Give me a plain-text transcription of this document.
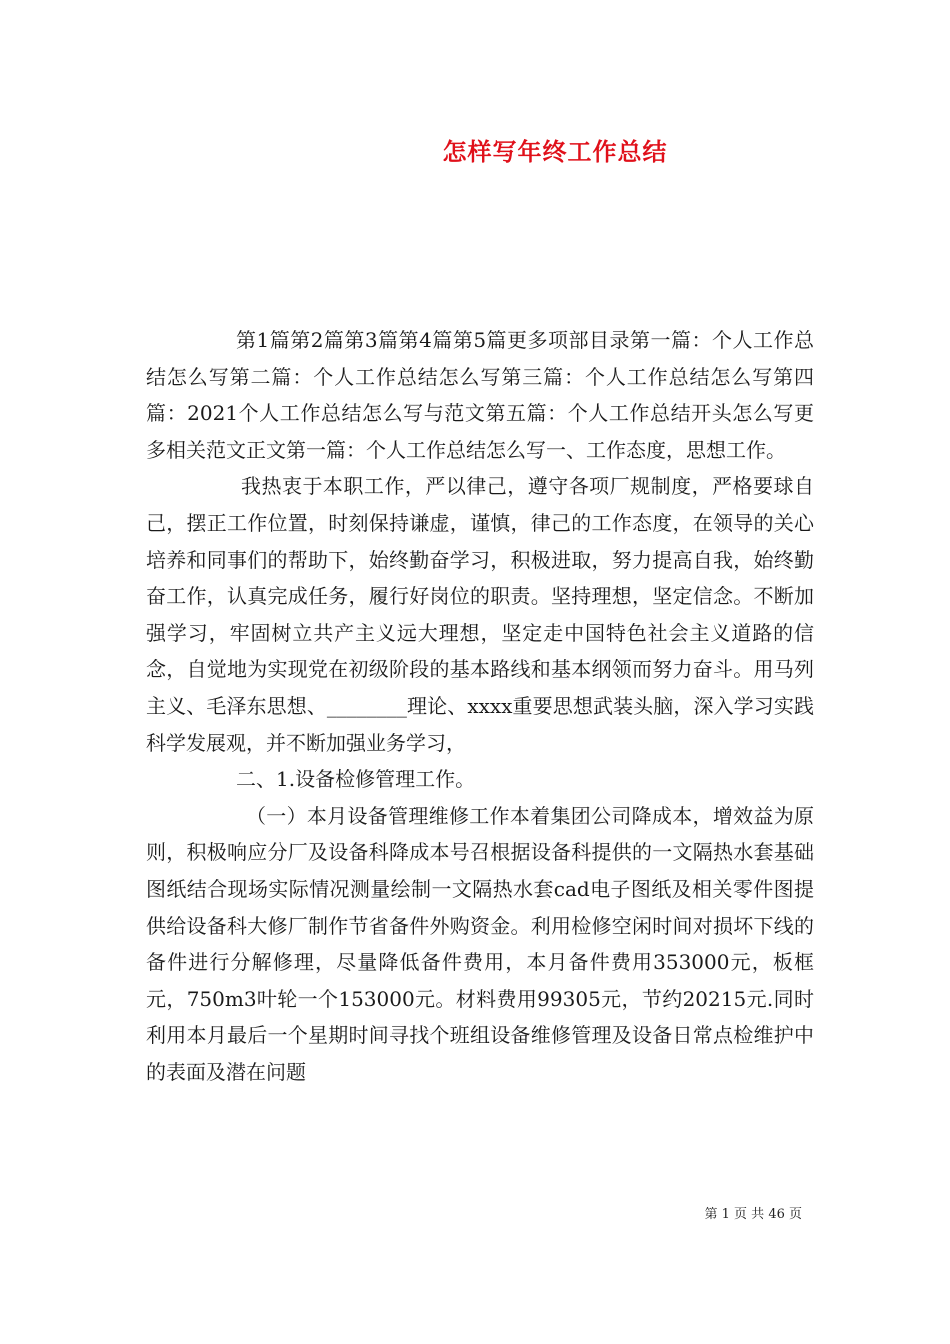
怎样写年终工作总结

第1篇第2篇第3篇第4篇第5篇更多项部目录第一篇：个人工作总结怎么写第二篇：个人工作总结怎么写第三篇：个人工作总结怎么写第四篇：2021个人工作总结怎么写与范文第五篇：个人工作总结开头怎么写更多相关范文正文第一篇：个人工作总结怎么写一、工作态度，思想工作。

我热衷于本职工作，严以律己，遵守各项厂规制度，严格要球自己，摆正工作位置，时刻保持谦虚，谨慎，律己的工作态度，在领导的关心培养和同事们的帮助下，始终勤奋学习，积极进取，努力提高自我，始终勤奋工作，认真完成任务，履行好岗位的职责。坚持理想，坚定信念。不断加强学习，牢固树立共产主义远大理想，坚定走中国特色社会主义道路的信念，自觉地为实现党在初级阶段的基本路线和基本纲领而努力奋斗。用马列主义、毛泽东思想、________理论、xxxx重要思想武装头脑，深入学习实践科学发展观，并不断加强业务学习，

二、1.设备检修管理工作。

（一）本月设备管理维修工作本着集团公司降成本，增效益为原则，积极响应分厂及设备科降成本号召根据设备科提供的一文隔热水套基础图纸结合现场实际情况测量绘制一文隔热水套cad电子图纸及相关零件图提供给设备科大修厂制作节省备件外购资金。利用检修空闲时间对损坏下线的备件进行分解修理，尽量降低备件费用，本月备件费用353000元，板框元，750m3叶轮一个153000元。材料费用99305元，节约20215元.同时利用本月最后一个星期时间寻找个班组设备维修管理及设备日常点检维护中的表面及潜在问题

第 1 页 共 46 页
